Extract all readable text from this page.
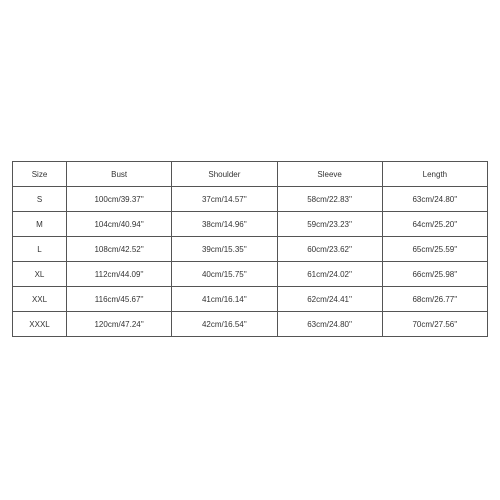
Size	Bust	Shoulder	Sleeve	Length
S	100cm/39.37''	37cm/14.57''	58cm/22.83''	63cm/24.80''
M	104cm/40.94''	38cm/14.96''	59cm/23.23''	64cm/25.20''
L	108cm/42.52''	39cm/15.35''	60cm/23.62''	65cm/25.59''
XL	112cm/44.09''	40cm/15.75''	61cm/24.02''	66cm/25.98''
XXL	116cm/45.67''	41cm/16.14''	62cm/24.41''	68cm/26.77''
XXXL	120cm/47.24''	42cm/16.54''	63cm/24.80''	70cm/27.56''
